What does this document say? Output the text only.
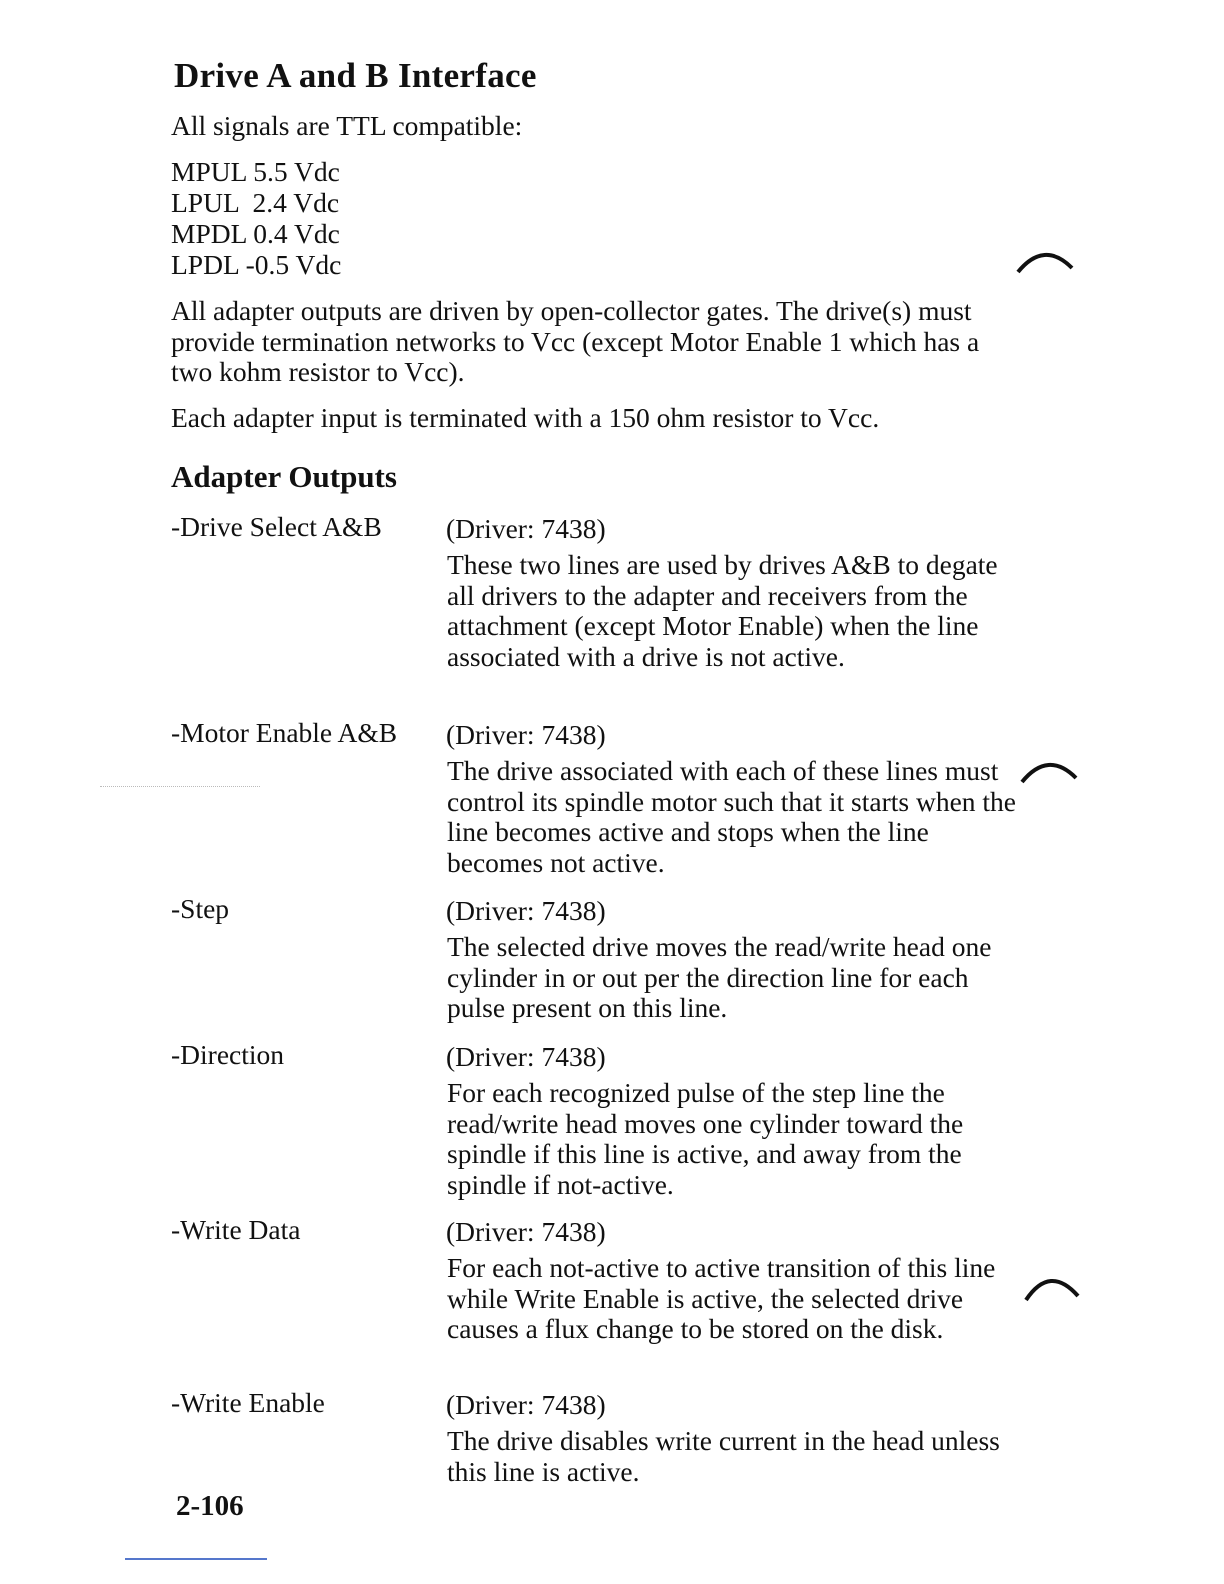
Drive A and B Interface
All signals are TTL compatible:
MPUL 5.5 Vdc
LPUL  2.4 Vdc
MPDL 0.4 Vdc
LPDL -0.5 Vdc
All adapter outputs are driven by open-collector gates. The drive(s) must provide termination networks to Vcc (except Motor Enable 1 which has a two kohm resistor to Vcc).
Each adapter input is terminated with a 150 ohm resistor to Vcc.
Adapter Outputs
-Drive Select A&B (Driver: 7438)
These two lines are used by drives A&B to degate all drivers to the adapter and receivers from the attachment (except Motor Enable) when the line associated with a drive is not active.
-Motor Enable A&B (Driver: 7438)
The drive associated with each of these lines must control its spindle motor such that it starts when the line becomes active and stops when the line becomes not active.
-Step	(Driver: 7438)
The selected drive moves the read/write head one cylinder in or out per the direction line for each pulse present on this line.
-Direction	(Driver: 7438)
For each recognized pulse of the step line the read/write head moves one cylinder toward the spindle if this line is active, and away from the spindle if not-active.
-Write Data	(Driver: 7438)
For each not-active to active transition of this line while Write Enable is active, the selected drive causes a flux change to be stored on the disk.
-Write Enable	(Driver: 7438)
The drive disables write current in the head unless this line is active.
2-106
